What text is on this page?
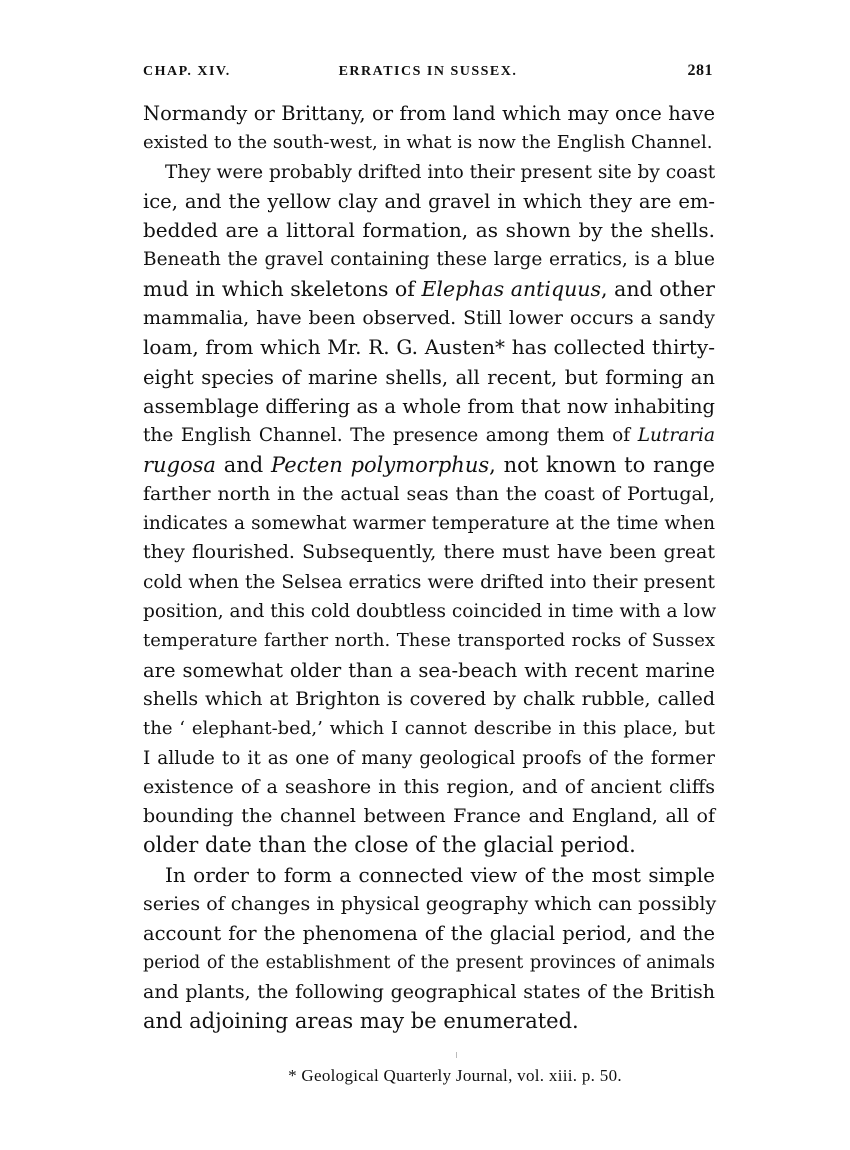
CHAP. XIV.	ERRATICS IN SUSSEX.	281
Normandy or Brittany, or from land which may once have
existed to the south-west, in what is now the English Channel.
They were probably drifted into their present site by coast
ice, and the yellow clay and gravel in which they are em-
bedded are a littoral formation, as shown by the shells.
Beneath the gravel containing these large erratics, is a blue
mud in which skeletons of Elephas antiquus, and other
mammalia, have been observed. Still lower occurs a sandy
loam, from which Mr. R. G. Austen* has collected thirty-
eight species of marine shells, all recent, but forming an
assemblage differing as a whole from that now inhabiting
the English Channel. The presence among them of Lutraria
rugosa and Pecten polymorphus, not known to range
farther north in the actual seas than the coast of Portugal,
indicates a somewhat warmer temperature at the time when
they flourished. Subsequently, there must have been great
cold when the Selsea erratics were drifted into their present
position, and this cold doubtless coincided in time with a low
temperature farther north. These transported rocks of Sussex
are somewhat older than a sea-beach with recent marine
shells which at Brighton is covered by chalk rubble, called
the ‘ elephant-bed,’ which I cannot describe in this place, but
I allude to it as one of many geological proofs of the former
existence of a seashore in this region, and of ancient cliffs
bounding the channel between France and England, all of
older date than the close of the glacial period.
In order to form a connected view of the most simple
series of changes in physical geography which can possibly
account for the phenomena of the glacial period, and the
period of the establishment of the present provinces of animals
and plants, the following geographical states of the British
and adjoining areas may be enumerated.
* Geological Quarterly Journal, vol. xiii. p. 50.
